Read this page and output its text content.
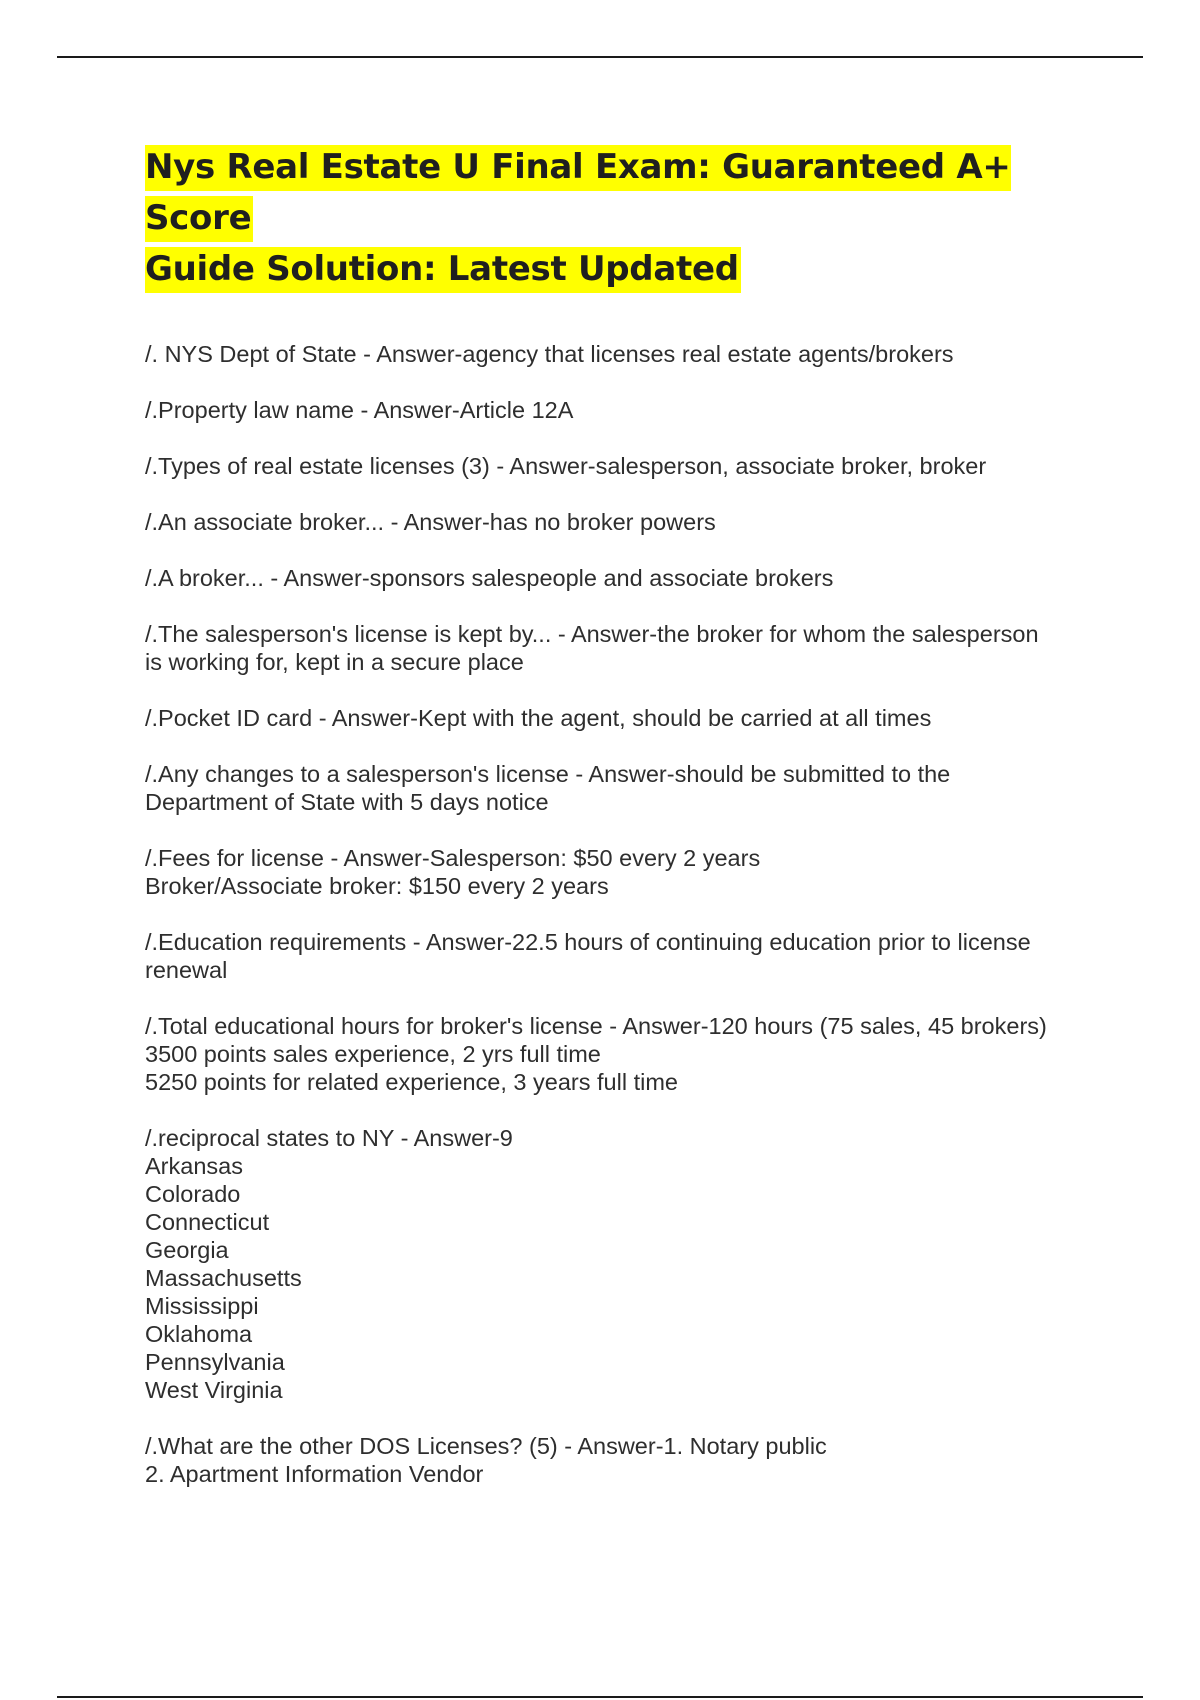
Nys Real Estate U Final Exam: Guaranteed A+ Score
Guide Solution: Latest Updated

/. NYS Dept of State - Answer-agency that licenses real estate agents/brokers

/.Property law name - Answer-Article 12A

/.Types of real estate licenses (3) - Answer-salesperson, associate broker, broker

/.An associate broker... - Answer-has no broker powers

/.A broker... - Answer-sponsors salespeople and associate brokers

/.The salesperson's license is kept by... - Answer-the broker for whom the salesperson
is working for, kept in a secure place

/.Pocket ID card - Answer-Kept with the agent, should be carried at all times

/.Any changes to a salesperson's license - Answer-should be submitted to the
Department of State with 5 days notice

/.Fees for license - Answer-Salesperson: $50 every 2 years
Broker/Associate broker: $150 every 2 years

/.Education requirements - Answer-22.5 hours of continuing education prior to license
renewal

/.Total educational hours for broker's license - Answer-120 hours (75 sales, 45 brokers)
3500 points sales experience, 2 yrs full time
5250 points for related experience, 3 years full time

/.reciprocal states to NY - Answer-9
Arkansas
Colorado
Connecticut
Georgia
Massachusetts
Mississippi
Oklahoma
Pennsylvania
West Virginia

/.What are the other DOS Licenses? (5) - Answer-1. Notary public
2. Apartment Information Vendor
